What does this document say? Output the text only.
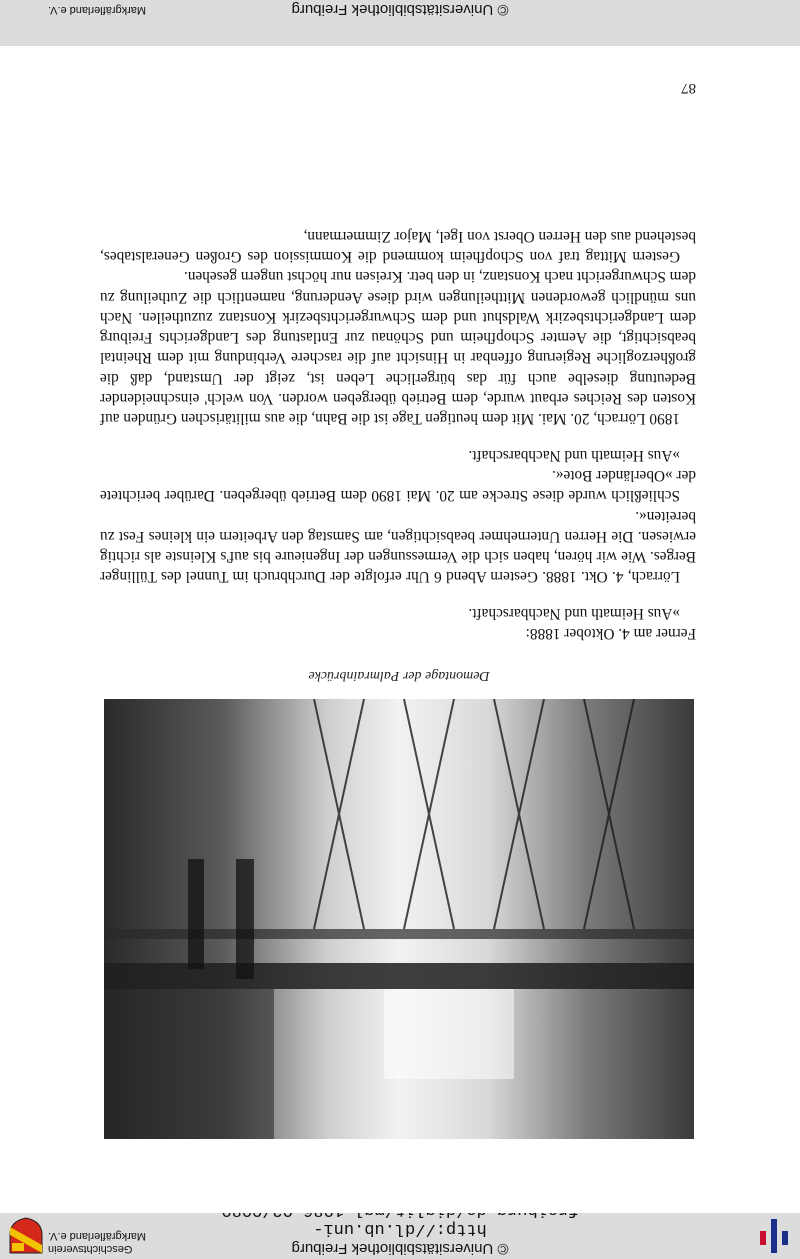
© Universitätsbibliothek Freiburg
http://dl.ub.uni-
Geschichtsverein Markgräflerland e.V.
Demontage der Palmrainbrücke

Ferner am 4. Oktober 1888:

»Aus Heimath und Nachbarschaft.

Lörrach, 4. Okt. 1888. Gestern Abend 6 Uhr erfolgte der Durchbruch im Tunnel des Tüllinger Berges. Wie wir hören, haben sich die Vermessungen der Ingenieure bis auf's Kleinste als richtig erwiesen. Die Herren Unternehmer beabsichtigen, am Samstag den Arbeitern ein kleines Fest zu bereiten«.

Schließlich wurde diese Strecke am 20. Mai 1890 dem Betrieb übergeben. Darüber berichtete der »Oberländer Bote«.

»Aus Heimath und Nachbarschaft.

1890 Lörrach, 20. Mai. Mit dem heutigen Tage ist die Bahn, die aus militärischen Gründen auf Kosten des Reiches erbaut wurde, dem Betrieb übergeben worden. Von welch' einschneidender Bedeutung dieselbe auch für das bürgerliche Leben ist, zeigt der Umstand, daß die großherzogliche Regierung offenbar in Hinsicht auf die raschere Verbindung mit dem Rheintal beabsichtigt, die Aemter Schopfheim und Schönau zur Entlastung des Landgerichts Freiburg dem Landgerichtsbezirk Waldshut und dem Schwurgerichtsbezirk Konstanz zuzutheilen. Nach uns mündlich gewordenen Mittheilungen wird diese Aenderung, namentlich die Zutheilung zu dem Schwurgericht nach Konstanz, in den betr. Kreisen nur höchst ungern gesehen.

Gestern Mittag traf von Schopfheim kommend die Kommission des Großen Generalstabes, bestehend aus den Herren Oberst von Igel, Major Zimmermann,

87
© Universitätsbibliothek Freiburg
Markgräflerland e.V.
